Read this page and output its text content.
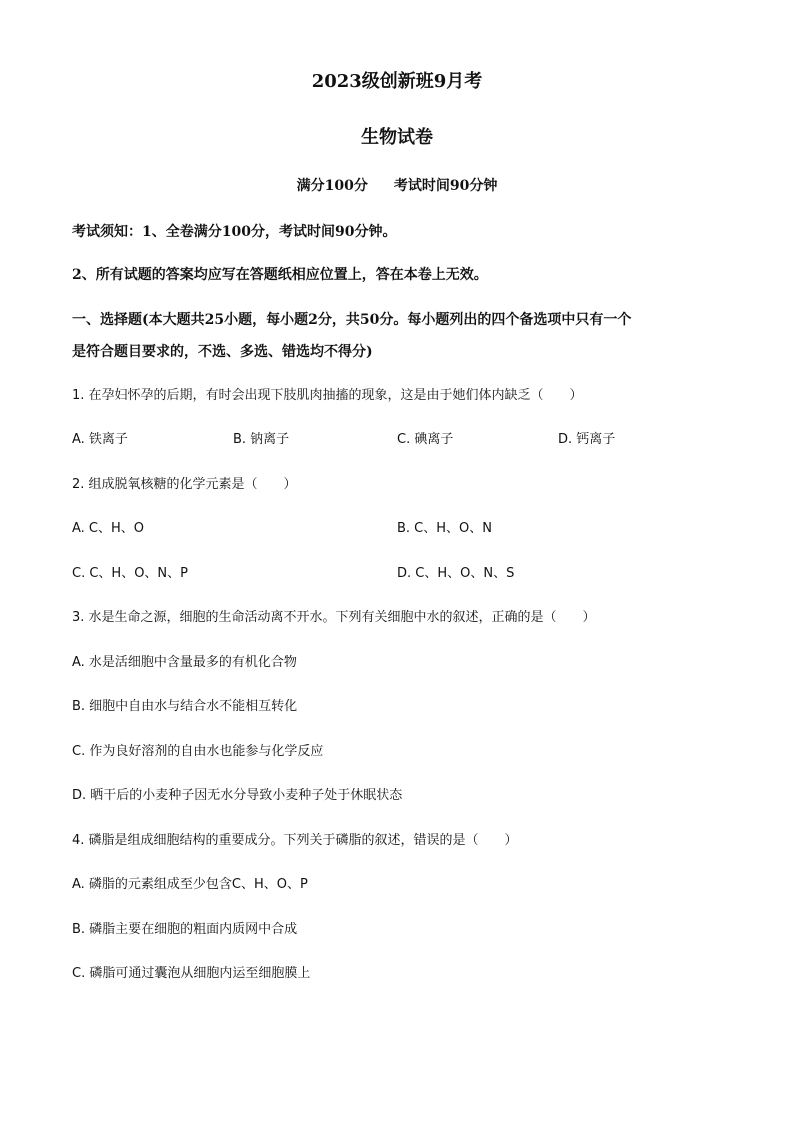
2023级创新班9月考
生物试卷
满分100分 考试时间90分钟
考试须知：1、全卷满分100分，考试时间90分钟。
2、所有试题的答案均应写在答题纸相应位置上，答在本卷上无效。
一、选择题(本大题共25小题，每小题2分，共50分。每小题列出的四个备选项中只有一个
是符合题目要求的，不选、多选、错选均不得分)
1. 在孕妇怀孕的后期，有时会出现下肢肌肉抽搐的现象，这是由于她们体内缺乏（　　）
A. 铁离子	B. 钠离子	C. 碘离子	D. 钙离子
2. 组成脱氧核糖的化学元素是（　　）
A. C、H、O	B. C、H、O、N
C. C、H、O、N、P	D. C、H、O、N、S
3. 水是生命之源，细胞的生命活动离不开水。下列有关细胞中水的叙述，正确的是（　　）
A. 水是活细胞中含量最多的有机化合物
B. 细胞中自由水与结合水不能相互转化
C. 作为良好溶剂的自由水也能参与化学反应
D. 晒干后的小麦种子因无水分导致小麦种子处于休眠状态
4. 磷脂是组成细胞结构的重要成分。下列关于磷脂的叙述，错误的是（　　）
A. 磷脂的元素组成至少包含C、H、O、P
B. 磷脂主要在细胞的粗面内质网中合成
C. 磷脂可通过囊泡从细胞内运至细胞膜上
